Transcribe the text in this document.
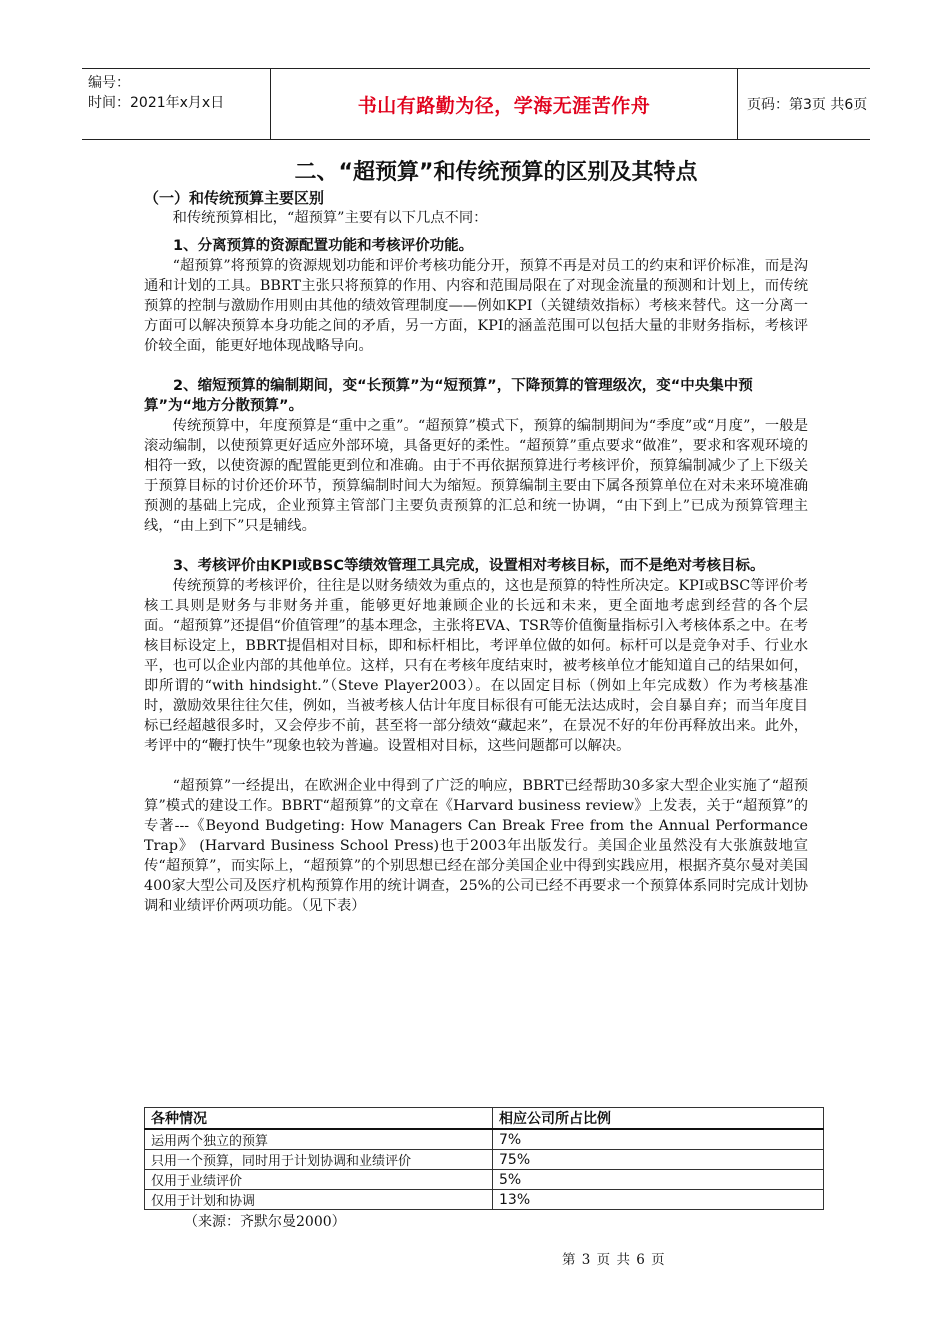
编号：
时间：2021年x月x日	书山有路勤为径，学海无涯苦作舟	页码：第3页 共6页
二、“超预算”和传统预算的区别及其特点
（一）和传统预算主要区别

和传统预算相比，“超预算”主要有以下几点不同：

1、分离预算的资源配置功能和考核评价功能。

“超预算”将预算的资源规划功能和评价考核功能分开，预算不再是对员工的约束和评价标准，而是沟通和计划的工具。BBRT主张只将预算的作用、内容和范围局限在了对现金流量的预测和计划上，而传统预算的控制与激励作用则由其他的绩效管理制度——例如KPI（关键绩效指标）考核来替代。这一分离一方面可以解决预算本身功能之间的矛盾，另一方面，KPI的涵盖范围可以包括大量的非财务指标，考核评价较全面，能更好地体现战略导向。

2、缩短预算的编制期间，变“长预算”为“短预算”，下降预算的管理级次，变“中央集中预算”为“地方分散预算”。

传统预算中，年度预算是“重中之重”。“超预算”模式下，预算的编制期间为“季度”或“月度”，一般是滚动编制，以使预算更好适应外部环境，具备更好的柔性。“超预算”重点要求“做准”，要求和客观环境的相符一致，以使资源的配置能更到位和准确。由于不再依据预算进行考核评价，预算编制减少了上下级关于预算目标的讨价还价环节，预算编制时间大为缩短。预算编制主要由下属各预算单位在对未来环境准确预测的基础上完成，企业预算主管部门主要负责预算的汇总和统一协调，“由下到上”已成为预算管理主线，“由上到下”只是辅线。

3、考核评价由KPI或BSC等绩效管理工具完成，设置相对考核目标，而不是绝对考核目标。

传统预算的考核评价，往往是以财务绩效为重点的，这也是预算的特性所决定。KPI或BSC等评价考核工具则是财务与非财务并重，能够更好地兼顾企业的长远和未来，更全面地考虑到经营的各个层面。“超预算”还提倡“价值管理”的基本理念，主张将EVA、TSR等价值衡量指标引入考核体系之中。在考核目标设定上，BBRT提倡相对目标，即和标杆相比，考评单位做的如何。标杆可以是竞争对手、行业水平，也可以企业内部的其他单位。这样，只有在考核年度结束时，被考核单位才能知道自己的结果如何，即所谓的“with hindsight.”（Steve Player2003）。在以固定目标（例如上年完成数）作为考核基准时，激励效果往往欠佳，例如，当被考核人估计年度目标很有可能无法达成时，会自暴自弃；而当年度目标已经超越很多时，又会停步不前，甚至将一部分绩效“藏起来”，在景况不好的年份再释放出来。此外，考评中的“鞭打快牛”现象也较为普遍。设置相对目标，这些问题都可以解决。

“超预算”一经提出，在欧洲企业中得到了广泛的响应，BBRT已经帮助30多家大型企业实施了“超预算”模式的建设工作。BBRT“超预算”的文章在《Harvard business review》上发表，关于“超预算”的专著---《Beyond Budgeting: How Managers Can Break Free from the Annual Performance Trap》 (Harvard Business School Press)也于2003年出版发行。美国企业虽然没有大张旗鼓地宣传“超预算”，而实际上，“超预算”的个别思想已经在部分美国企业中得到实践应用，根据齐莫尔曼对美国400家大型公司及医疗机构预算作用的统计调查，25%的公司已经不再要求一个预算体系同时完成计划协调和业绩评价两项功能。（见下表）

各种情况	相应公司所占比例
运用两个独立的预算	7%
只用一个预算，同时用于计划协调和业绩评价	75%
仅用于业绩评价	5%
仅用于计划和协调	13%
（来源：齐默尔曼2000）
第 3 页 共 6 页
